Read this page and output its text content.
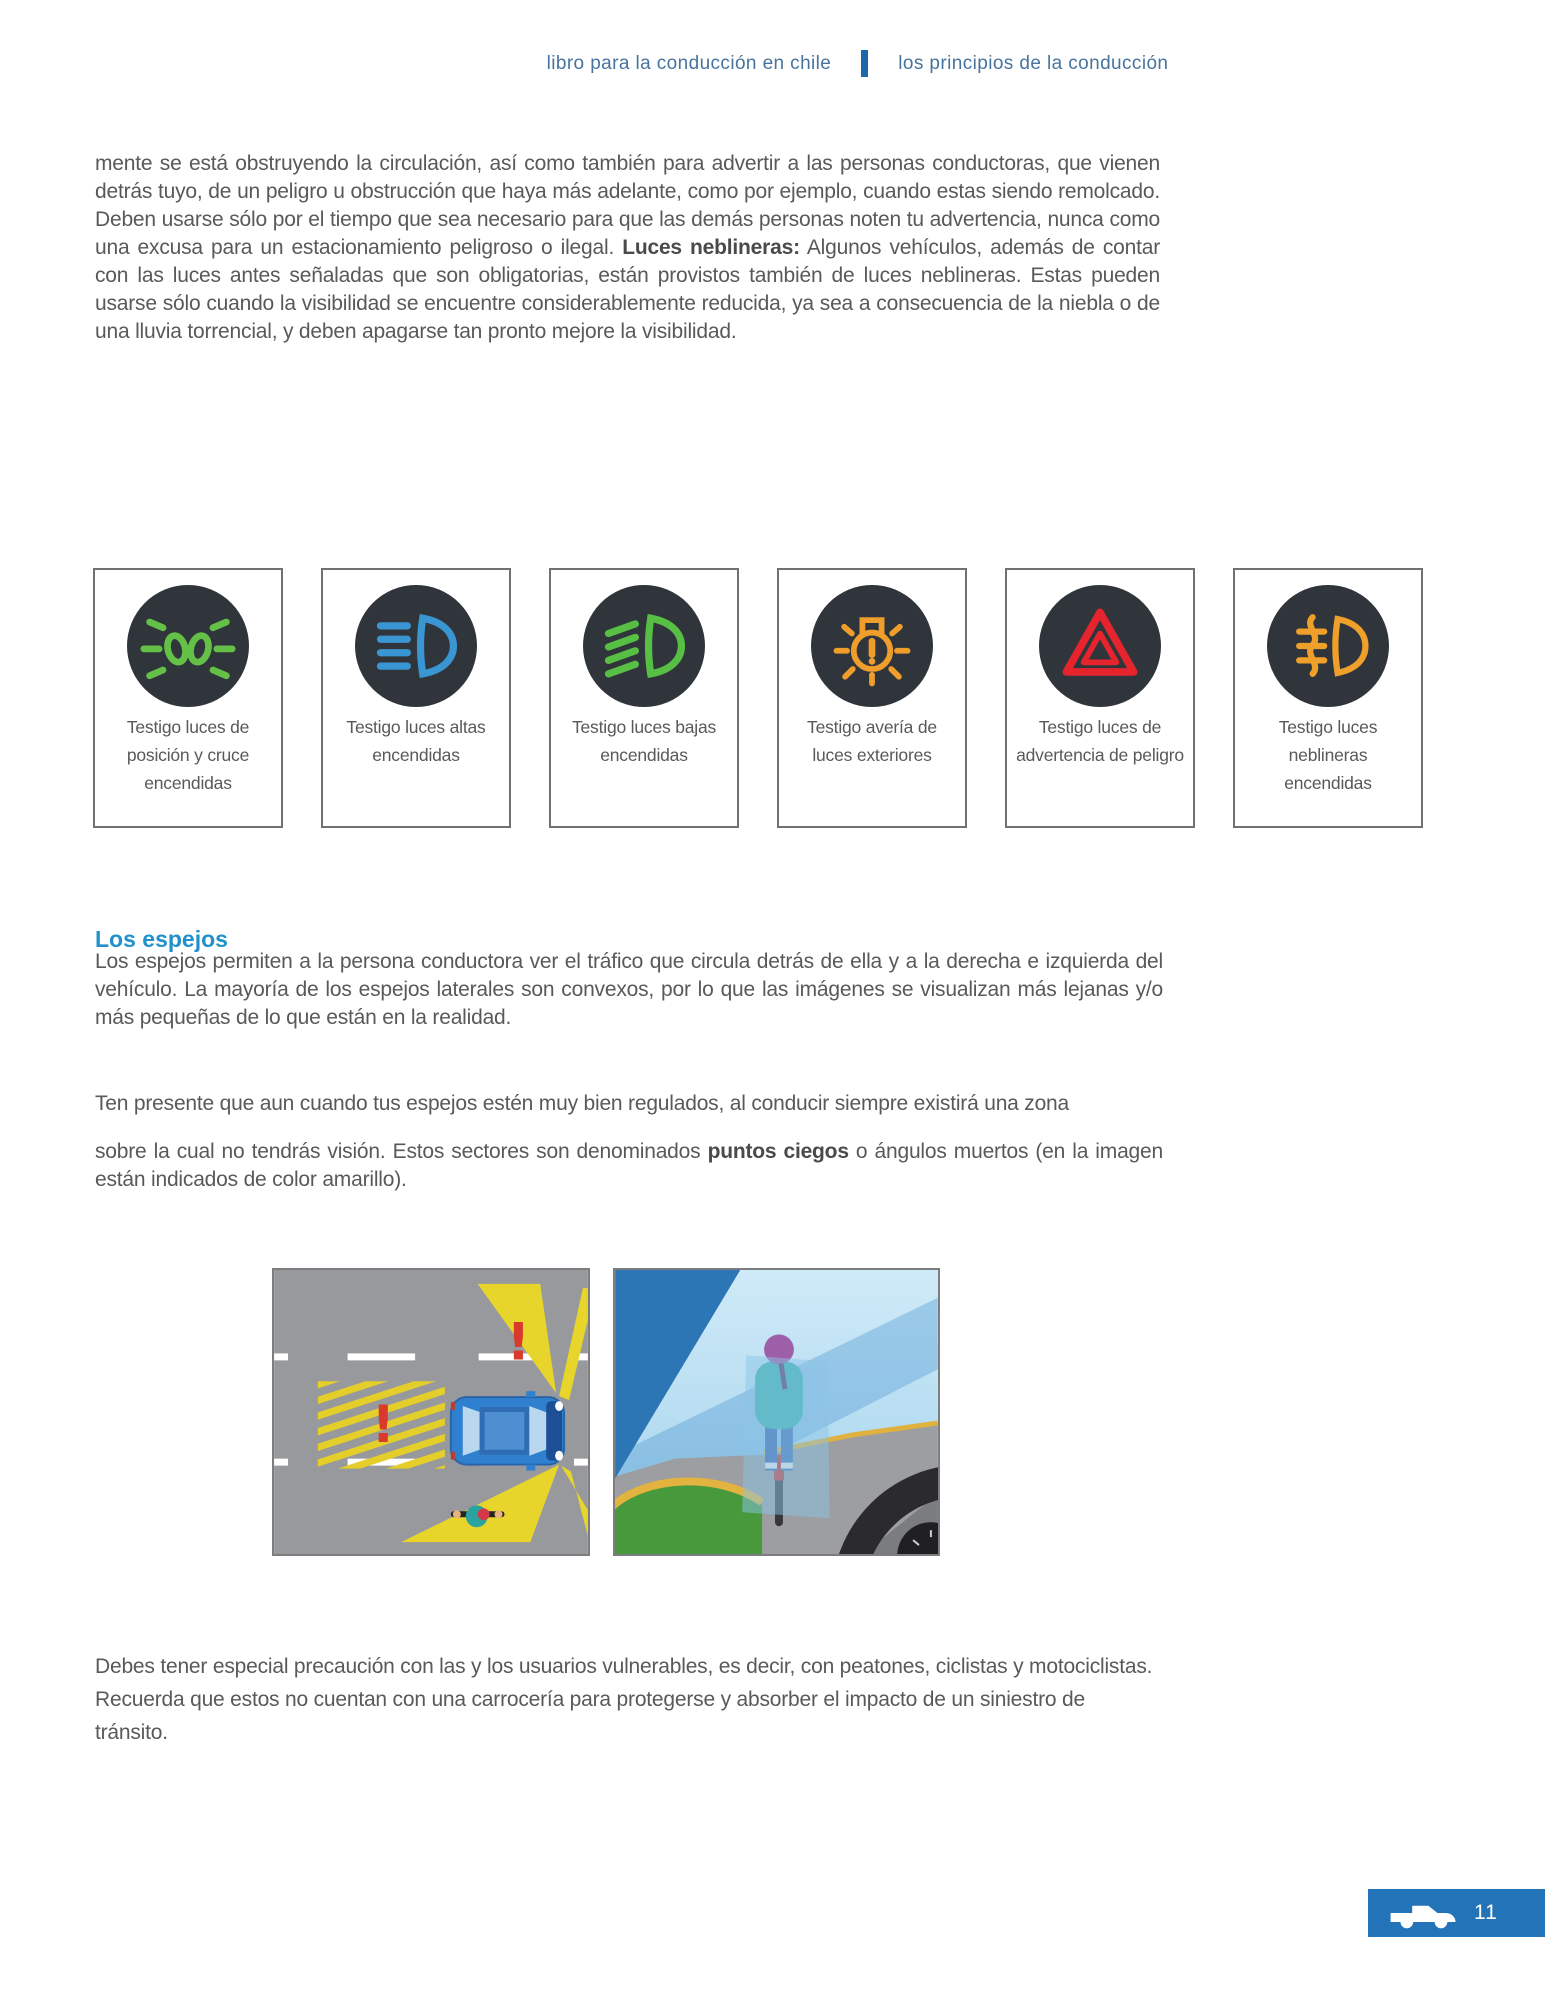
libro para la conducción en chile	los principios de la conducción

mente se está obstruyendo la circulación, así como también para advertir a las personas conductoras, que vienen detrás tuyo, de un peligro u obstrucción que haya más adelante, como por ejemplo, cuando estas siendo remolcado. Deben usarse sólo por el tiempo que sea necesario para que las demás personas noten tu advertencia, nunca como una excusa para un estacionamiento peligroso o ilegal. Luces neblineras: Algunos vehículos, además de contar con las luces antes señaladas que son obligatorias, están provistos también de luces neblineras. Estas pueden usarse sólo cuando la visibilidad se encuentre considerablemente reducida, ya sea a consecuencia de la niebla o de una lluvia torrencial, y deben apagarse tan pronto mejore la visibilidad.

Testigo luces de posición y cruce encendidas
Testigo luces altas encendidas
Testigo luces bajas encendidas
Testigo avería de luces exteriores
Testigo luces de advertencia de peligro
Testigo luces neblineras encendidas
Los espejos

Los espejos permiten a la persona conductora ver el tráfico que circula detrás de ella y a la derecha e izquierda del vehículo. La mayoría de los espejos laterales son convexos, por lo que las imágenes se visualizan más lejanas y/o más pequeñas de lo que están en la realidad.

Ten presente que aun cuando tus espejos estén muy bien regulados, al conducir siempre existirá una zona

sobre la cual no tendrás visión. Estos sectores son denominados puntos ciegos o ángulos muertos (en la imagen están indicados de color amarillo).

!
!

Debes tener especial precaución con las y los usuarios vulnerables, es decir, con peatones, ciclistas y motociclistas. Recuerda que estos no cuentan con una carrocería para protegerse y absorber el impacto de un siniestro de tránsito.

11
